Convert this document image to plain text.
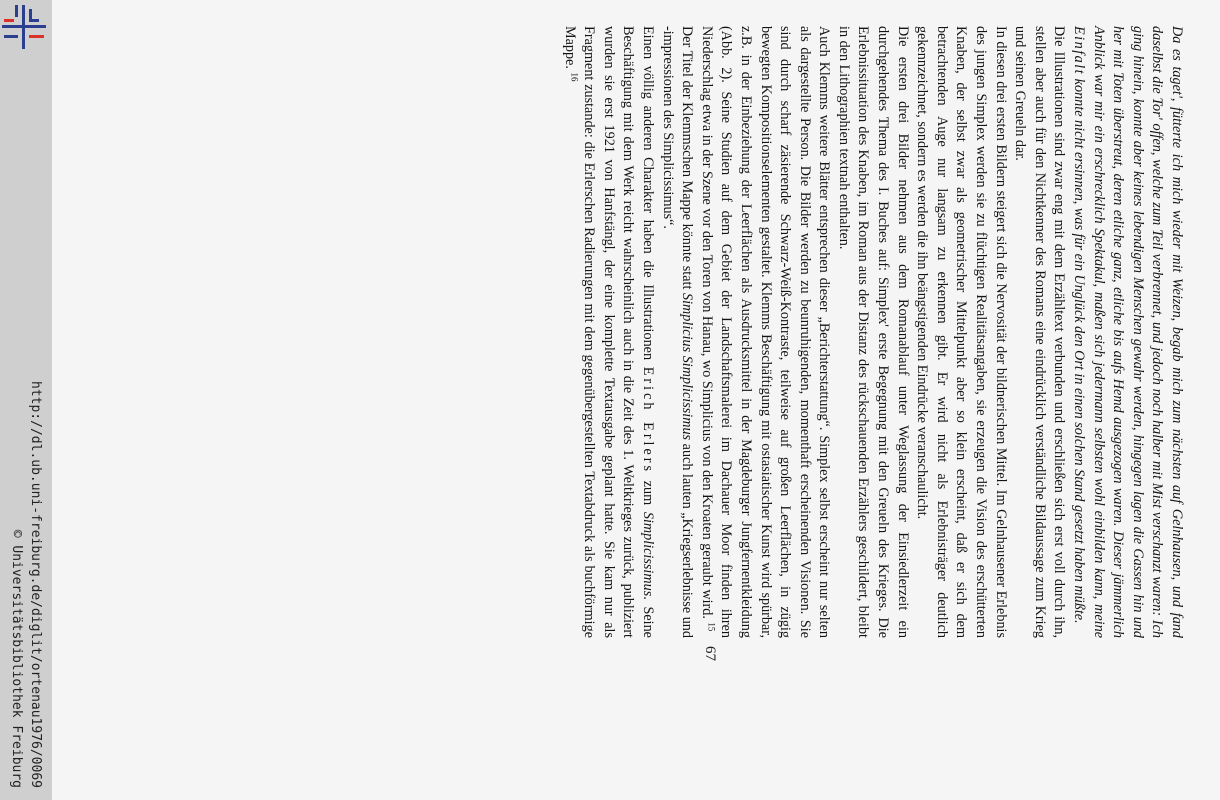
http://dl.ub.uni-freiburg.de/diglit/ortenau1976/0069
© Universitätsbibliothek Freiburg

Da es taget', fütterte ich mich wieder mit Weizen, begab mich zum nächsten auf Gelnhausen, und fand daselbst die Tor' offen, welche zum Teil verbrennet, und jedoch noch halber mit Mist verschanzt waren: Ich ging hinein, konnte aber keines lebendigen Menschen gewahr werden, hingegen lagen die Gassen hin und her mit Toten überstreut, deren etliche ganz, etliche bis aufs Hemd ausgezogen waren. Dieser jämmerlich Anblick war mir ein erschrecklich Spektakul, maßen sich jedermann selbsten wohl einbilden kann, meine Einfalt konnte nicht ersinnen, was für ein Unglück den Ort in einen solchen Stand gesetzt haben müßte.

Die Illustrationen sind zwar eng mit dem Erzähltext verbunden und erschließen sich erst voll durch ihn, stellen aber auch für den Nichtkenner des Romans eine eindrücklich verständliche Bildaussage zum Krieg und seinen Greueln dar.

In diesen drei ersten Bildern steigert sich die Nervosität der bildnerischen Mittel. Im Gelnhausener Erlebnis des jungen Simplex werden sie zu flüchtigen Realitätsangaben, sie erzeugen die Vision des erschütterten Knaben, der selbst zwar als geometrischer Mittelpunkt aber so klein erscheint, daß er sich dem betrachtenden Auge nur langsam zu erkennen gibt. Er wird nicht als Erlebnisträger deutlich gekennzeichnet, sondern es werden die ihn beängstigenden Eindrücke veranschaulicht.

Die ersten drei Bilder nehmen aus dem Romanablauf unter Weglassung der Einsiedlerzeit ein durchgehendes Thema des I. Buches auf: Simplex' erste Begegnung mit den Greueln des Krieges. Die Erlebnissituation des Knaben, im Roman aus der Distanz des rückschauenden Erzählers geschildert, bleibt in den Lithographien textnah enthalten.

Auch Klemms weitere Blätter entsprechen dieser „Berichterstattung“. Simplex selbst erscheint nur selten als dargestellte Person. Die Bilder werden zu beunruhigenden, momenthaft erscheinenden Visionen. Sie sind durch scharf zäsierende Schwarz-Weiß-Kontraste, teilweise auf großen Leerflächen, in zügig bewegten Kompositionselementen gestaltet. Klemms Beschäftigung mit ostasiatischer Kunst wird spürbar, z.B. in der Einbeziehung der Leerflächen als Ausdrucksmittel in der Magdeburger Jungfernentkleidung (Abb. 2). Seine Studien auf dem Gebiet der Landschaftsmalerei im Dachauer Moor finden ihren Niederschlag etwa in der Szene vor den Toren von Hanau, wo Simplicius von den Kroaten geraubt wird. $^{15}$

Der Titel der Klemmschen Mappe könnte statt Simplicius Simplicissimus auch lauten „Kriegserlebnisse und -impressionen des Simplicissimus“.

Einen völlig anderen Charakter haben die Illustrationen Erich Erlers zum Simplicissimus. Seine Beschäftigung mit dem Werk reicht wahrscheinlich auch in die Zeit des 1. Weltkrieges zurück, publiziert wurden sie erst 1921 von Hanfstängl, der eine komplette Textausgabe geplant hatte. Sie kam nur als Fragment zustande: die Erlerschen Radierungen mit dem gegenübergestellten Textabdruck als buchförmige Mappe. $^{16}$

67
